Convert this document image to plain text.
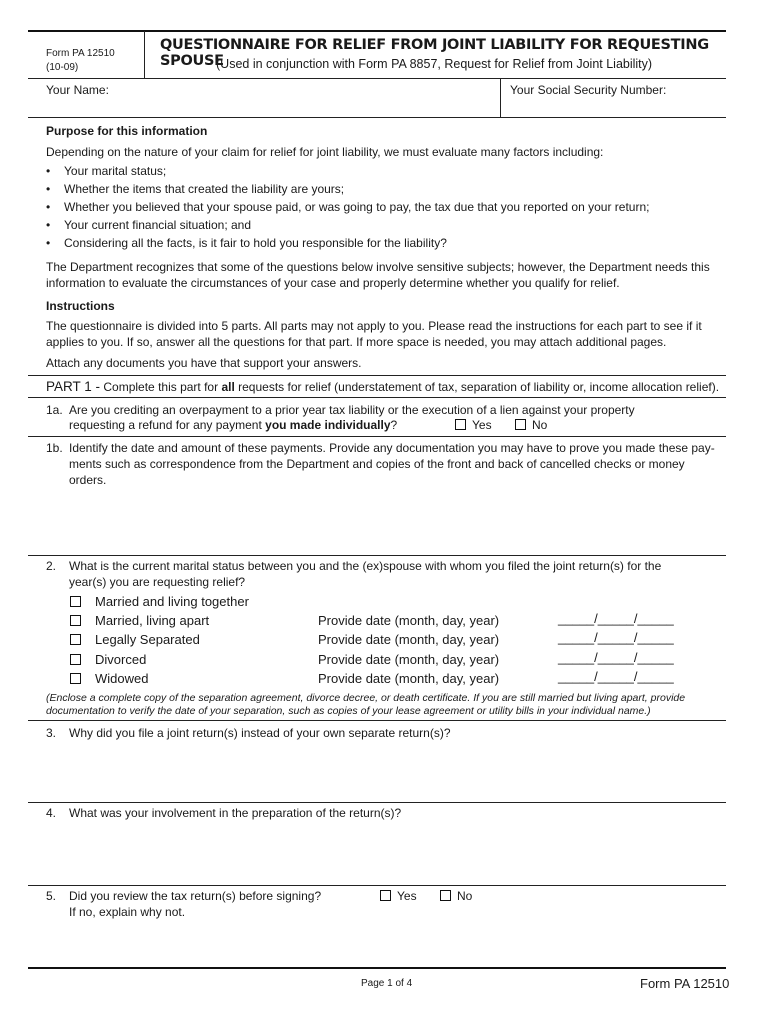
Form PA 12510
(10-09)
QUESTIONNAIRE FOR RELIEF FROM JOINT LIABILITY FOR REQUESTING SPOUSE
(Used in conjunction with Form PA 8857, Request for Relief from Joint Liability)
Your Name:	Your Social Security Number:
Purpose for this information
Depending on the nature of your claim for relief for joint liability, we must evaluate many factors including:
•	Your marital status;
•	Whether the items that created the liability are yours;
•	Whether you believed that your spouse paid, or was going to pay, the tax due that you reported on your return;
•	Your current financial situation; and
•	Considering all the facts, is it fair to hold you responsible for the liability?
The Department recognizes that some of the questions below involve sensitive subjects; however, the Department needs this
information to evaluate the circumstances of your case and properly determine whether you qualify for relief.
Instructions
The questionnaire is divided into 5 parts. All parts may not apply to you. Please read the instructions for each part to see if it
applies to you. If so, answer all the questions for that part. If more space is needed, you may attach additional pages.
Attach any documents you have that support your answers.
PART 1 - Complete this part for all requests for relief (understatement of tax, separation of liability or, income allocation relief).
1a. Are you crediting an overpayment to a prior year tax liability or the execution of a lien against your property
requesting a refund for any payment you made individually?	Yes	No
1b. Identify the date and amount of these payments. Provide any documentation you may have to prove you made these pay-
ments such as correspondence from the Department and copies of the front and back of cancelled checks or money
orders.
2. What is the current marital status between you and the (ex)spouse with whom you filed the joint return(s) for the
year(s) you are requesting relief?
Married and living together
Married, living apart	Provide date (month, day, year)	_____/_____/_____
Legally Separated	Provide date (month, day, year)	_____/_____/_____
Divorced	Provide date (month, day, year)	_____/_____/_____
Widowed	Provide date (month, day, year)	_____/_____/_____
(Enclose a complete copy of the separation agreement, divorce decree, or death certificate. If you are still married but living apart, provide
documentation to verify the date of your separation, such as copies of your lease agreement or utility bills in your individual name.)
3. Why did you file a joint return(s) instead of your own separate return(s)?
4. What was your involvement in the preparation of the return(s)?
5. Did you review the tax return(s) before signing?
If no, explain why not.
Yes	No
Page 1 of 4	Form PA 12510
